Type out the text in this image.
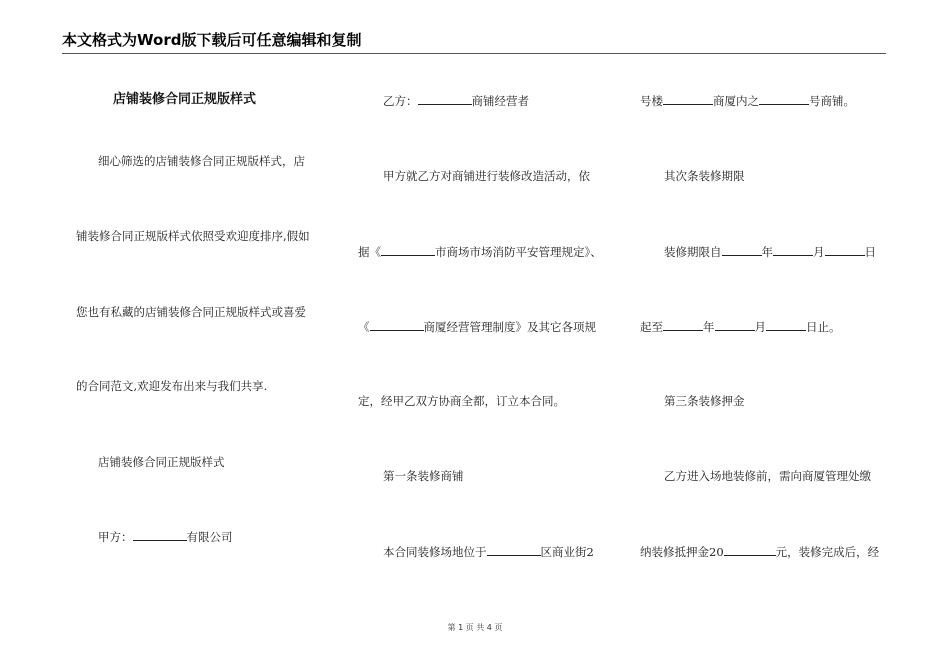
本文格式为Word版下载后可任意编辑和复制
店铺装修合同正规版样式
细心筛选的店铺装修合同正规版样式，店
铺装修合同正规版样式依照受欢迎度排序,假如
您也有私藏的店铺装修合同正规版样式或喜爱
的合同范文,欢迎发布出来与我们共享.
店铺装修合同正规版样式
甲方：	有限公司
乙方：	商铺经营者
甲方就乙方对商铺进行装修改造活动，依
据《	市商场市场消防平安管理规定》、
《	商厦经营管理制度》及其它各项规
定，经甲乙双方协商全都，订立本合同。
第一条装修商铺
本合同装修场地位于	区商业街2
号楼	商厦内之	号商铺。
其次条装修期限
装修期限自	年	月	日
起至	年	月	日止。
第三条装修押金
乙方进入场地装修前，需向商厦管理处缴
纳装修抵押金20	元，装修完成后，经
第 1 页 共 4 页
